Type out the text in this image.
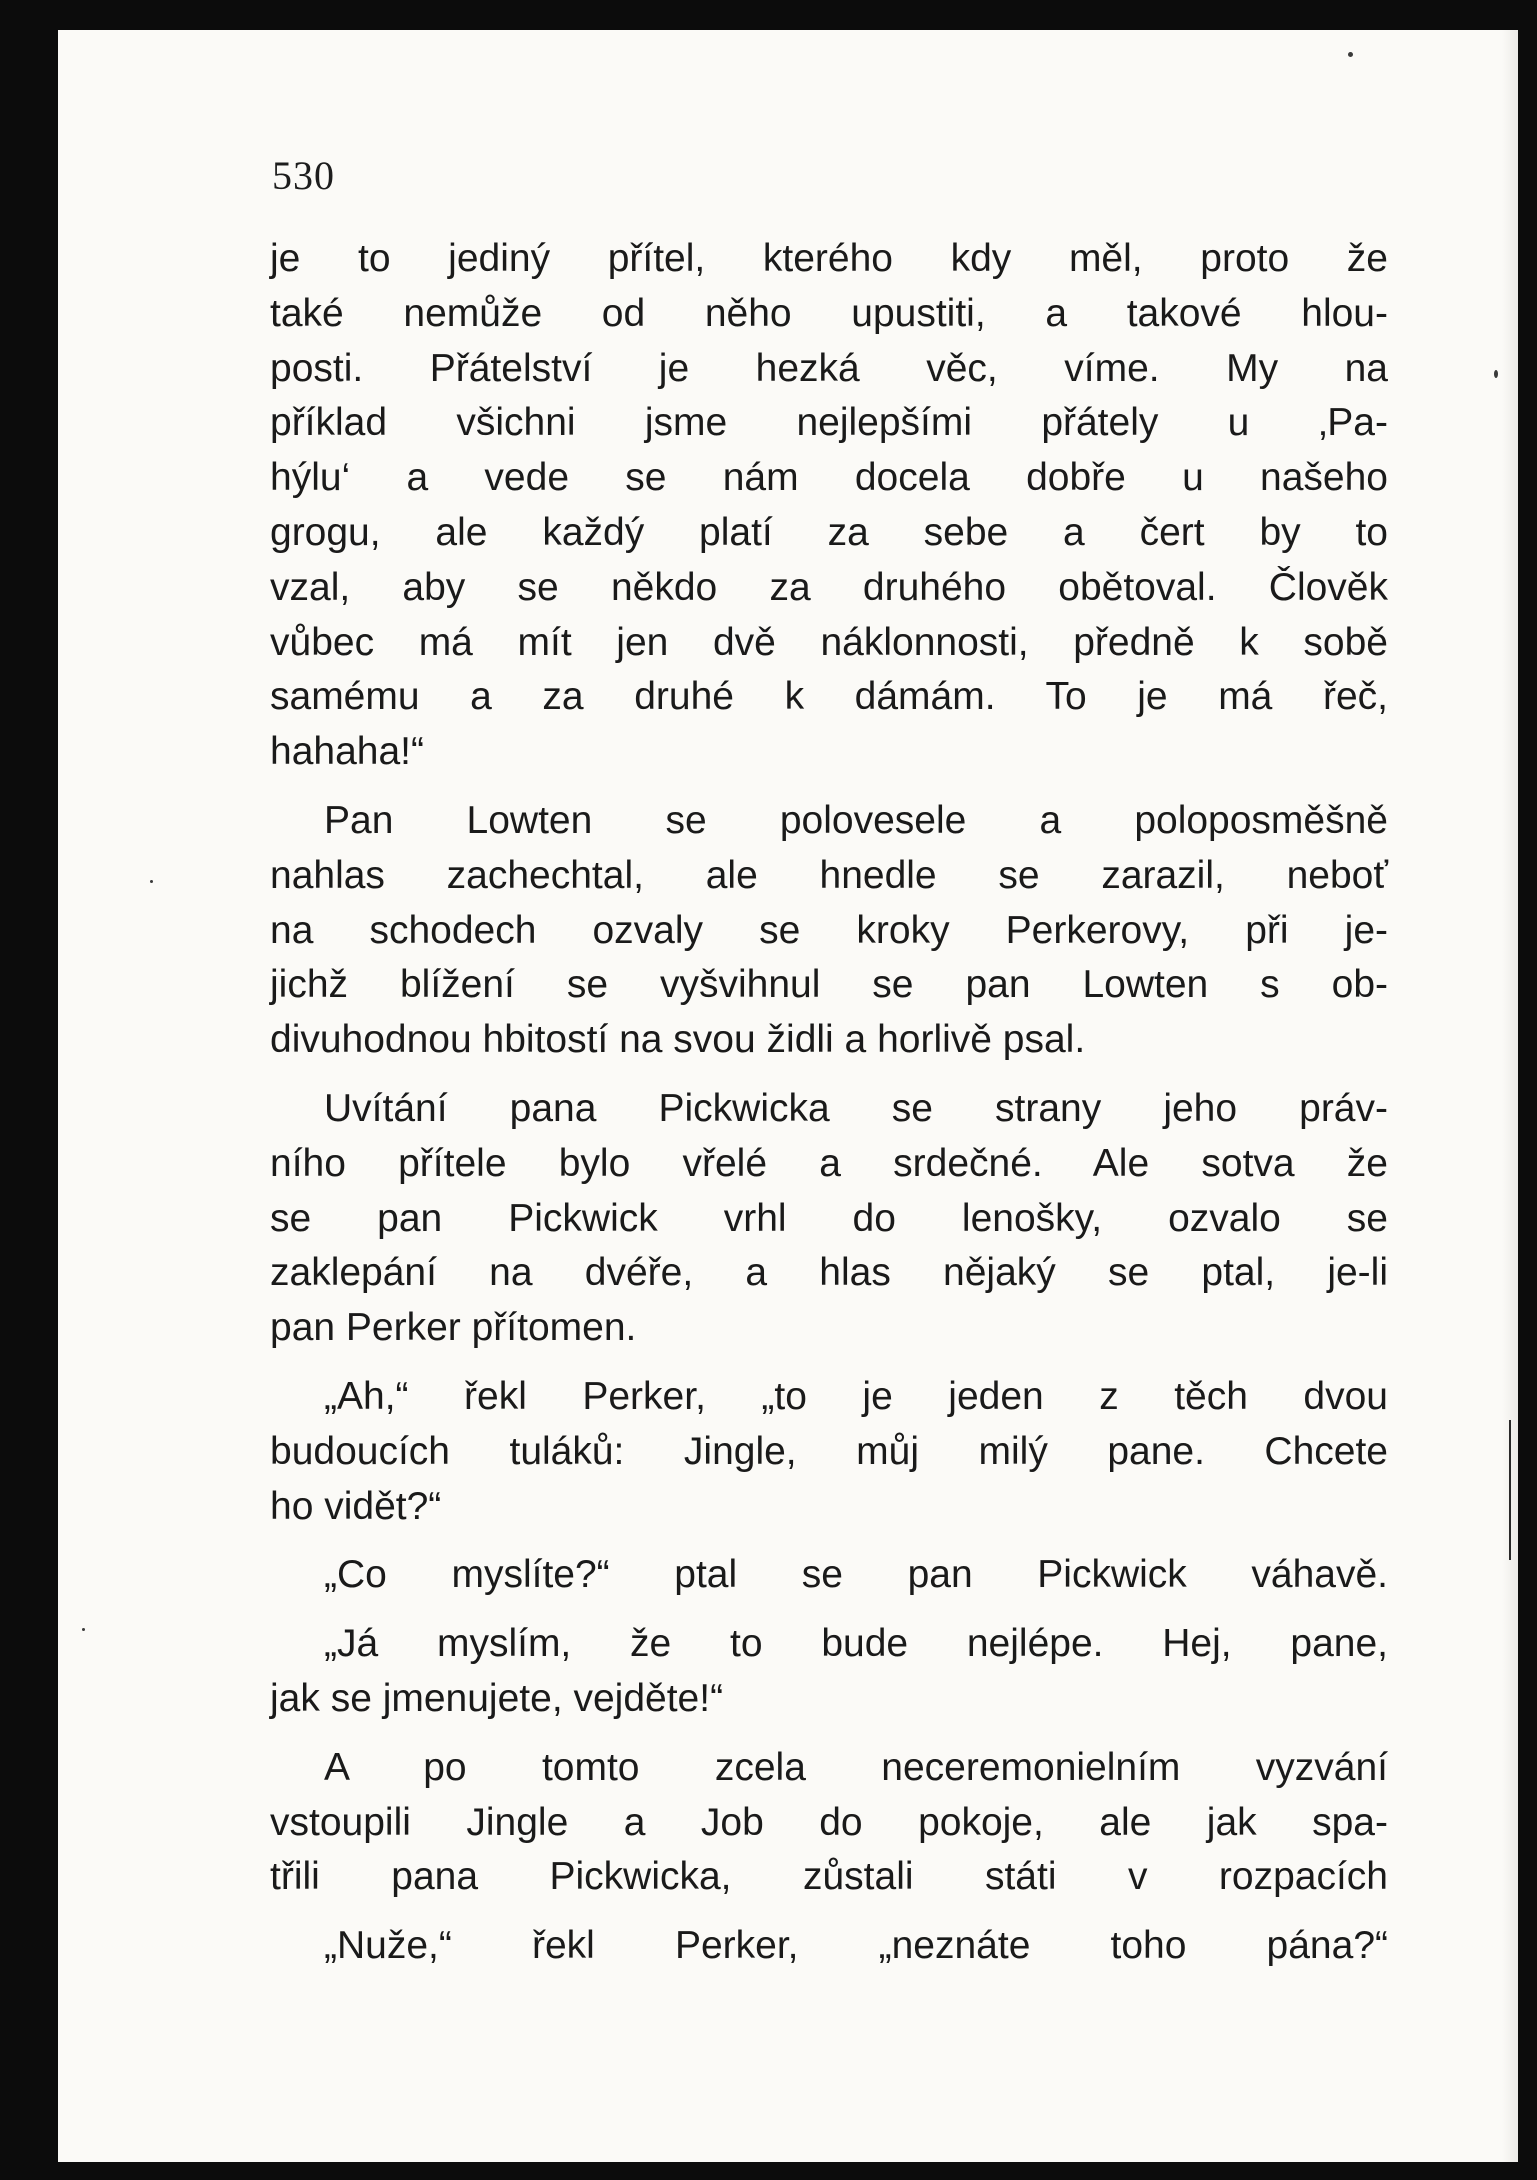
530
je to jediný přítel, kterého kdy měl, proto že
také nemůže od něho upustiti, a takové hlou-
posti. Přátelství je hezká věc, víme. My na
příklad všichni jsme nejlepšími přátely u ‚Pa-
hýlu‘ a vede se nám docela dobře u našeho
grogu, ale každý platí za sebe a čert by to
vzal, aby se někdo za druhého obětoval. Člověk
vůbec má mít jen dvě náklonnosti, předně k sobě
samému a za druhé k dámám. To je má řeč,
hahaha!“
Pan Lowten se polovesele a poloposměšně
nahlas zachechtal, ale hnedle se zarazil, neboť
na schodech ozvaly se kroky Perkerovy, při je-
jichž blížení se vyšvihnul se pan Lowten s ob-
divuhodnou hbitostí na svou židli a horlivě psal.
Uvítání pana Pickwicka se strany jeho práv-
ního přítele bylo vřelé a srdečné. Ale sotva že
se pan Pickwick vrhl do lenošky, ozvalo se
zaklepání na dvéře, a hlas nějaký se ptal, je-li
pan Perker přítomen.
„Ah,“ řekl Perker, „to je jeden z těch dvou
budoucích tuláků: Jingle, můj milý pane. Chcete
ho vidět?“
„Co myslíte?“ ptal se pan Pickwick váhavě.
„Já myslím, že to bude nejlépe. Hej, pane,
jak se jmenujete, vejděte!“
A po tomto zcela neceremonielním vyzvání
vstoupili Jingle a Job do pokoje, ale jak spa-
třili pana Pickwicka, zůstali státi v rozpacích
„Nuže,“ řekl Perker, „neznáte toho pána?“
